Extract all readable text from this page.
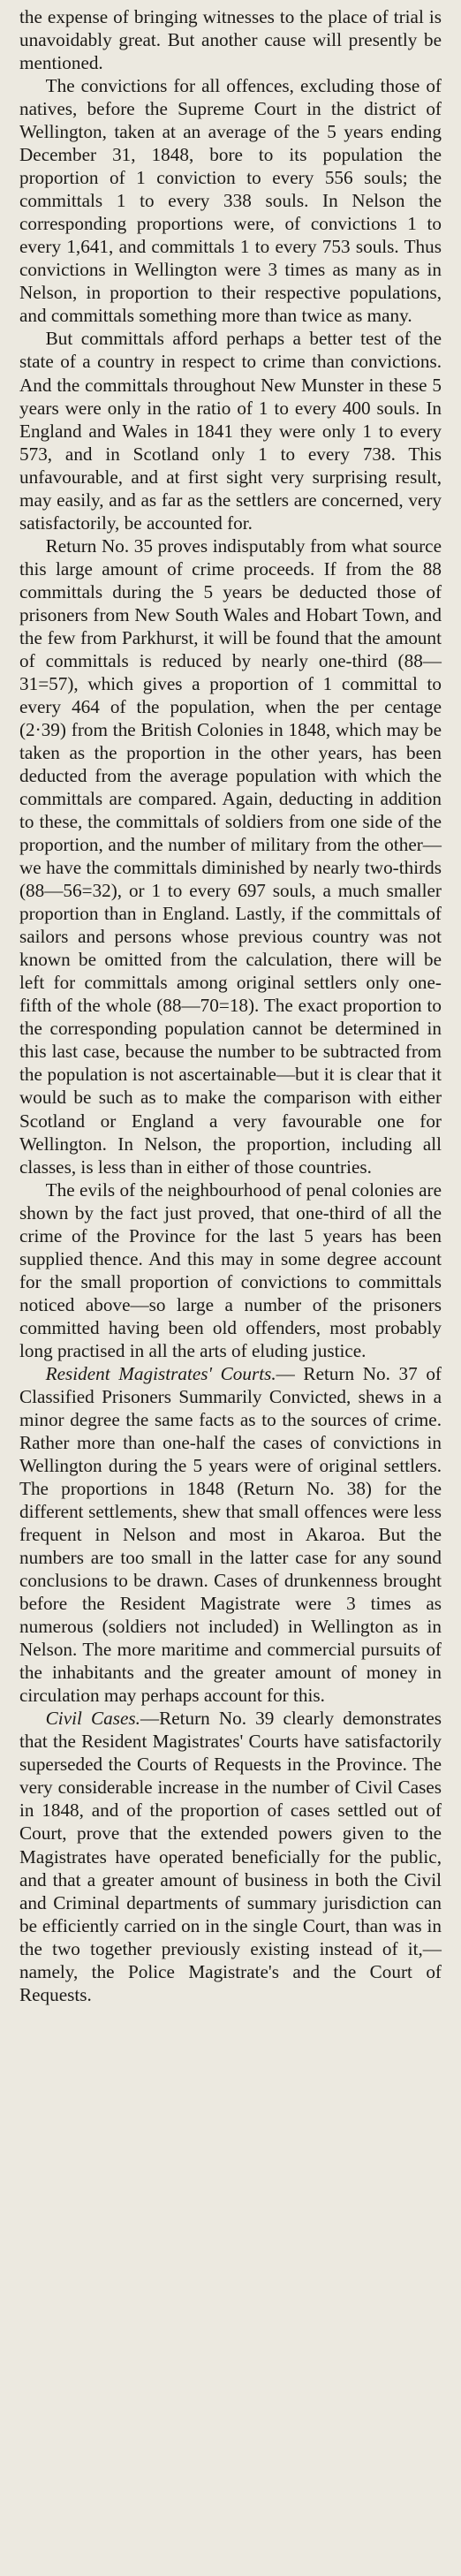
the expense of bringing witnesses to the place of trial is unavoidably great. But another cause will presently be mentioned.

The convictions for all offences, excluding those of natives, before the Supreme Court in the district of Wellington, taken at an average of the 5 years ending December 31, 1848, bore to its population the proportion of 1 conviction to every 556 souls; the committals 1 to every 338 souls. In Nelson the corresponding proportions were, of convictions 1 to every 1,641, and committals 1 to every 753 souls. Thus convictions in Wellington were 3 times as many as in Nelson, in proportion to their respective populations, and committals something more than twice as many.

But committals afford perhaps a better test of the state of a country in respect to crime than convictions. And the committals throughout New Munster in these 5 years were only in the ratio of 1 to every 400 souls. In England and Wales in 1841 they were only 1 to every 573, and in Scotland only 1 to every 738. This unfavourable, and at first sight very surprising result, may easily, and as far as the settlers are concerned, very satisfactorily, be accounted for.

Return No. 35 proves indisputably from what source this large amount of crime proceeds. If from the 88 committals during the 5 years be deducted those of prisoners from New South Wales and Hobart Town, and the few from Parkhurst, it will be found that the amount of committals is reduced by nearly one-third (88—31=57), which gives a proportion of 1 committal to every 464 of the population, when the per centage (2·39) from the British Colonies in 1848, which may be taken as the proportion in the other years, has been deducted from the average population with which the committals are compared. Again, deducting in addition to these, the committals of soldiers from one side of the proportion, and the number of military from the other—we have the committals diminished by nearly two-thirds (88—56=32), or 1 to every 697 souls, a much smaller proportion than in England. Lastly, if the committals of sailors and persons whose previous country was not known be omitted from the calculation, there will be left for committals among original settlers only one-fifth of the whole (88—70=18). The exact proportion to the corresponding population cannot be determined in this last case, because the number to be subtracted from the population is not ascertainable—but it is clear that it would be such as to make the comparison with either Scotland or England a very favourable one for Wellington. In Nelson, the proportion, including all classes, is less than in either of those countries.

The evils of the neighbourhood of penal colonies are shown by the fact just proved, that one-third of all the crime of the Province for the last 5 years has been supplied thence. And this may in some degree account for the small proportion of convictions to committals noticed above—so large a number of the prisoners committed having been old offenders, most probably long practised in all the arts of eluding justice.

Resident Magistrates' Courts.— Return No. 37 of Classified Prisoners Summarily Convicted, shews in a minor degree the same facts as to the sources of crime. Rather more than one-half the cases of convictions in Wellington during the 5 years were of original settlers. The proportions in 1848 (Return No. 38) for the different settlements, shew that small offences were less frequent in Nelson and most in Akaroa. But the numbers are too small in the latter case for any sound conclusions to be drawn. Cases of drunkenness brought before the Resident Magistrate were 3 times as numerous (soldiers not included) in Wellington as in Nelson. The more maritime and commercial pursuits of the inhabitants and the greater amount of money in circulation may perhaps account for this.

Civil Cases.—Return No. 39 clearly demonstrates that the Resident Magistrates' Courts have satisfactorily superseded the Courts of Requests in the Province. The very considerable increase in the number of Civil Cases in 1848, and of the proportion of cases settled out of Court, prove that the extended powers given to the Magistrates have operated beneficially for the public, and that a greater amount of business in both the Civil and Criminal departments of summary jurisdiction can be efficiently carried on in the single Court, than was in the two together previously existing instead of it,—namely, the Police Magistrate's and the Court of Requests.
